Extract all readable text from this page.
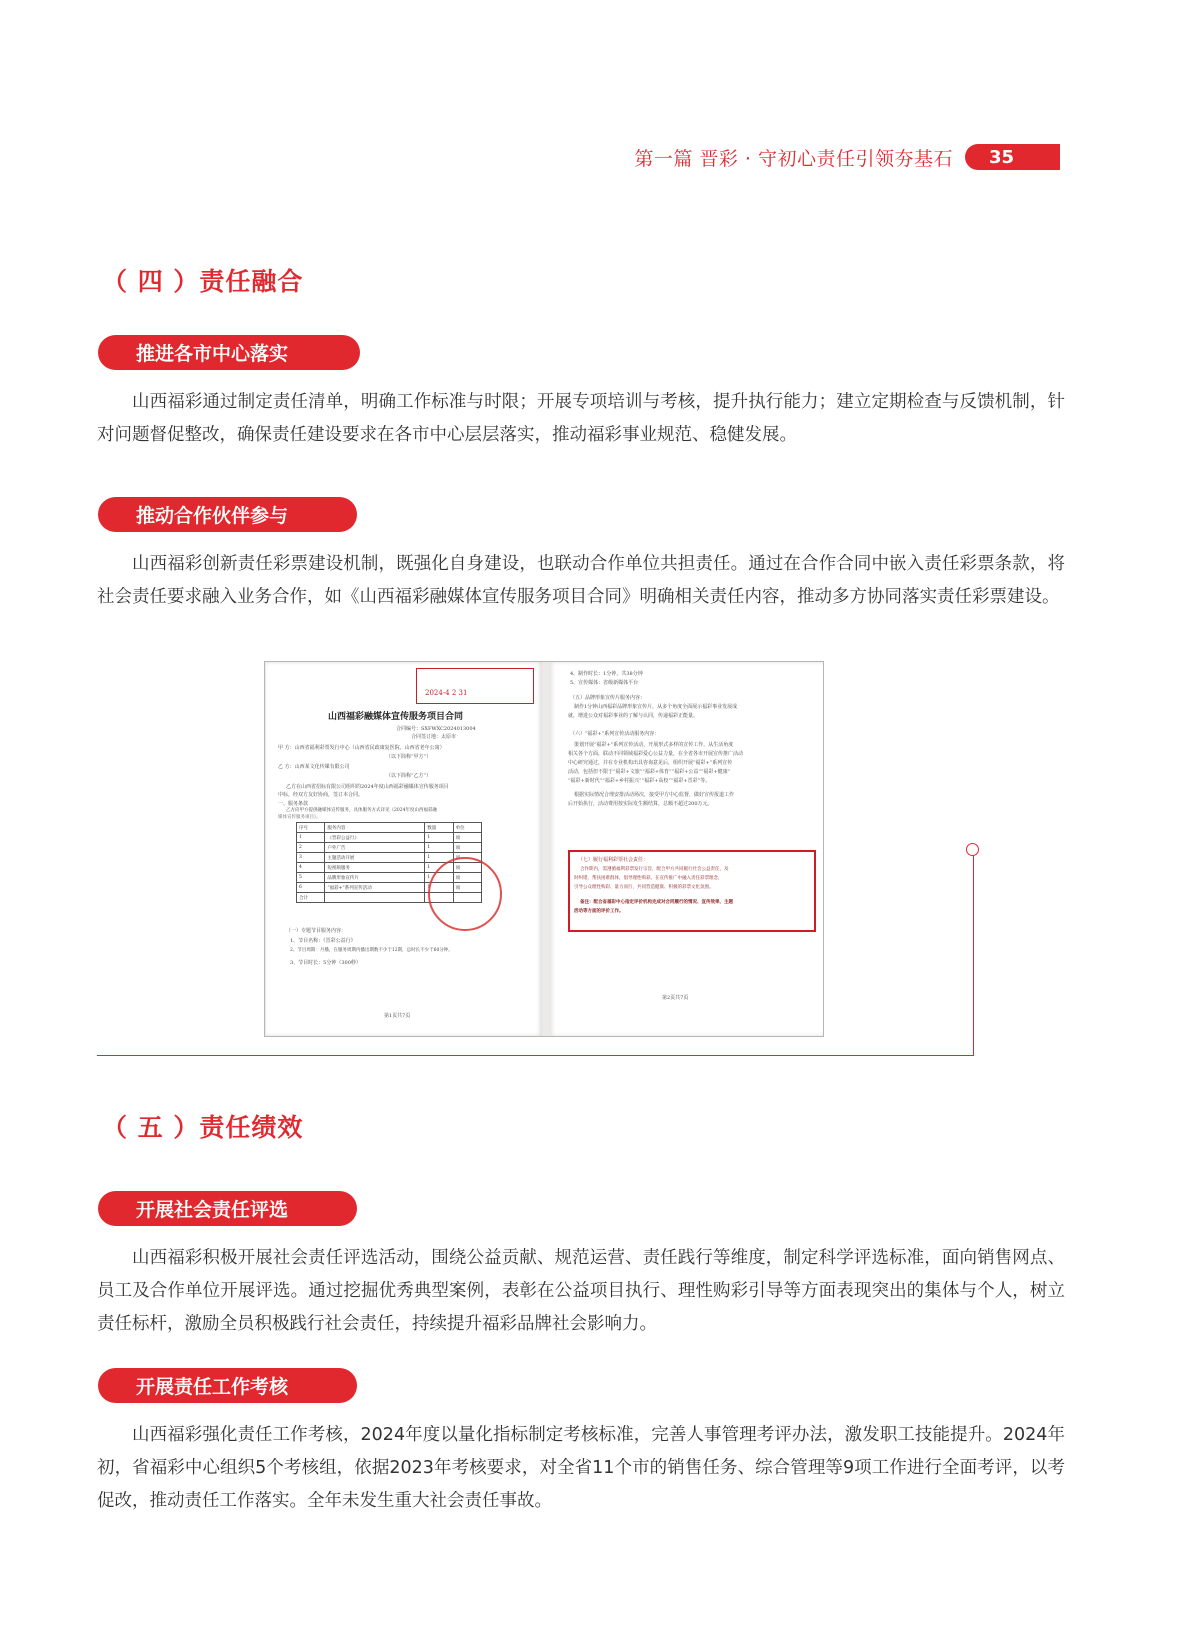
第一篇 晋彩 · 守初心责任引领夯基石	35
（ 四 ）责任融合
推进各市中心落实

山西福彩通过制定责任清单，明确工作标准与时限；开展专项培训与考核，提升执行能力；建立定期检查与反馈机制，针对问题督促整改，确保责任建设要求在各市中心层层落实，推动福彩事业规范、稳健发展。

推动合作伙伴参与

山西福彩创新责任彩票建设机制，既强化自身建设，也联动合作单位共担责任。通过在合作合同中嵌入责任彩票条款，将社会责任要求融入业务合作，如《山西福彩融媒体宣传服务项目合同》明确相关责任内容，推动多方协同落实责任彩票建设。

2024-4 2 31
山西福彩融媒体宣传服务项目合同
合同编号：SXFWXC2024013004
合同签订地：太原市
甲 方：山西省福利彩票发行中心（山西省民政康复医院、山西省老年公寓）
（以下简称“甲方”）
乙 方：山西某文化传媒有限公司
（以下简称“乙方”）
乙方在山西省招标有限公司组织的2024年度山西福彩融媒体宣传服务项目
中标，经双方友好协商，签订本合同。
一、服务条款
乙方向甲方提供融媒体宣传服务，具体服务方式详见《2024年度山西福彩融
媒体宣传服务项目》。
序号	服务内容	数量	单位
1	《晋彩公益行》	1	项
2	户外广告	1	项
3	主题活动开展	1	项
4	短视频服务	1	项
5	品牌形象宣传片	1	项
6	“福彩+”系列宣传活动	1	项
合计			
（一）专题节目服务内容：
1、节目名称：《晋彩公益行》
2、节目周期：月播，在服务周期内播出期数不少于12期，总时长不少于60分钟。
3、节目时长：5分钟（300秒）
第1页共7页
4、制作时长：1分钟，共38分钟
5、宣传媒体：省级新媒体平台
（五）品牌形象宣传片服务内容：
制作1分钟山西福彩品牌形象宣传片，从多个角度全面展示福彩事业发展成
就，增进公众对福彩事业的了解与认同，传递福彩正能量。
（六）“福彩+”系列宣传活动服务内容：
策划开展“福彩+”系列宣传活动，开展形式多样的宣传工作，从生活角度
相关各个方面，联动不同领域福彩爱心公益力量，在全省各市开展宣传推广活动
中心研究通过，并在专业机构出具咨询意见后，组织开展“福彩+”系列宣传
活动，包括但不限于“福彩+文旅”“福彩+体育”“福彩+公益”“福彩+健康”
“福彩+新时代”“福彩+乡村振兴”“福彩+高校”“福彩+晋彩”等。
根据实际情况合理安排活动场次，接受甲方中心监督，做好宣传报道工作
后开始执行，活动费用按实际发生额结算，总额不超过200万元。
（七）履行福利彩票社会责任：
合作期内，需遵循福利彩票发行宗旨，配合甲方共同履行社会公益责任，及
时纠错，帮扶困难群体，倡导理性购彩。在宣传推广中融入责任彩票理念，
引导公众理性购彩、量力而行，共同营造健康、积极的彩票文化氛围。
备注：配合省福彩中心指定评价机构完成对合同履行的情况、宣传效果、主题
活动等方面的评价工作。
第2页共7页
（ 五 ）责任绩效
开展社会责任评选

山西福彩积极开展社会责任评选活动，围绕公益贡献、规范运营、责任践行等维度，制定科学评选标准，面向销售网点、员工及合作单位开展评选。通过挖掘优秀典型案例，表彰在公益项目执行、理性购彩引导等方面表现突出的集体与个人，树立责任标杆，激励全员积极践行社会责任，持续提升福彩品牌社会影响力。

开展责任工作考核

山西福彩强化责任工作考核，2024年度以量化指标制定考核标准，完善人事管理考评办法，激发职工技能提升。2024年初，省福彩中心组织5个考核组，依据2023年考核要求，对全省11个市的销售任务、综合管理等9项工作进行全面考评，以考促改，推动责任工作落实。全年未发生重大社会责任事故。
